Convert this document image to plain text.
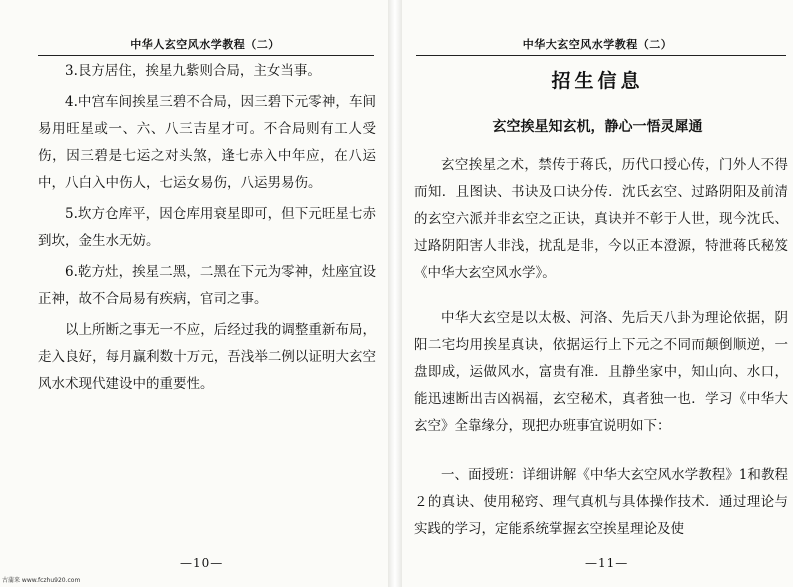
中华人玄空风水学教程（二）

3.艮方居住，挨星九紫则合局，主女当事。

4.中宫车间挨星三碧不合局，因三碧下元零神，车间易用旺星或一、六、八三吉星才可。不合局则有工人受伤，因三碧是七运之对头煞，逢七赤入中年应，在八运中，八白入中伤人，七运女易伤，八运男易伤。

5.坎方仓库平，因仓库用衰星即可，但下元旺星七赤到坎，金生水无妨。

6.乾方灶，挨星二黑，二黑在下元为零神，灶座宜设正神，故不合局易有疾病，官司之事。

以上所断之事无一不应，后经过我的调整重新布局，走入良好，每月赢利数十万元，吾浅举二例以证明大玄空风水术现代建设中的重要性。

—10—
古蒲来 www.fczhu920.com
中华大玄空风水学教程（二）
招生信息
玄空挨星知玄机，静心一悟灵犀通

玄空挨星之术，禁传于蒋氏，历代口授心传，门外人不得而知．且图诀、书诀及口诀分传．沈氏玄空、过路阴阳及前清的玄空六派并非玄空之正诀，真诀并不彰于人世，现今沈氏、过路阴阳害人非浅，扰乱是非，今以正本澄源，特泄蒋氏秘笈《中华大玄空风水学》。

中华大玄空是以太极、河洛、先后天八卦为理论依据，阴阳二宅均用挨星真诀，依据运行上下元之不同而颠倒顺逆，一盘即成，运做风水，富贵有准．且静坐家中，知山向、水口，能迅速断出吉凶祸福，玄空秘术，真者独一也．学习《中华大玄空》全靠缘分，现把办班事宜说明如下：

一、面授班：详细讲解《中华大玄空风水学教程》1和教程２的真诀、使用秘窍、理气真机与具体操作技术．通过理论与实践的学习，定能系统掌握玄空挨星理论及使

—11—
